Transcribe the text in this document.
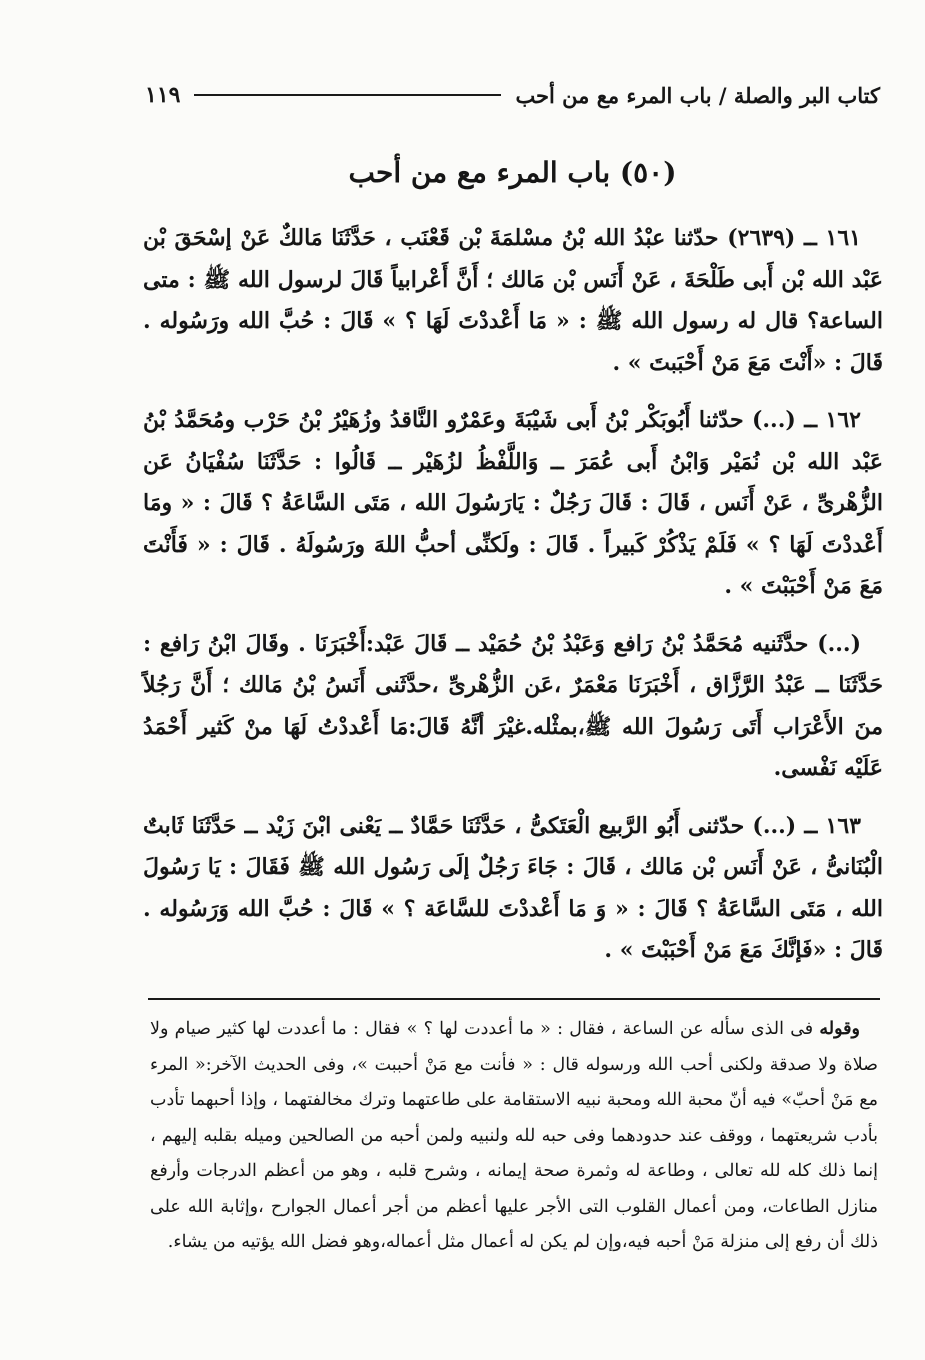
كتاب البر والصلة / باب المرء مع من أحب
١١٩
(٥٠) باب المرء مع من أحب

١٦١ ــ (٢٦٣٩) حدّثنا عبْدُ الله بْنُ مسْلمَةَ بْن قَعْنَب ، حَدَّثَنَا مَالكٌ عَنْ إسْحَقَ بْن عَبْد الله بْن أَبى طَلْحَةَ ، عَنْ أَنَس بْن مَالك ؛ أَنَّ أَعْرابياً قَالَ لرسول الله ﷺ : متى الساعة؟ قال له رسول الله ﷺ : « مَا أَعْددْتَ لَهَا ؟ » قَالَ : حُبَّ الله ورَسُوله . قَالَ : «أَنْتَ مَعَ مَنْ أَحْبَبتَ » .

١٦٢ ــ (...) حدّثنا أَبُوبَكْر بْنُ أَبى شَيْبَةَ وعَمْرٌو النَّاقدُ وزُهَيْرُ بْنُ حَرْب ومُحَمَّدُ بْنُ عَبْد الله بْن نُمَيْر وَابْنُ أَبى عُمَرَ ــ وَاللَّفْظُ لزُهَيْر ــ قَالُوا : حَدَّثَنَا سُفْيَانُ عَن الزُّهْرىِّ ، عَنْ أَنَس ، قَالَ : قَالَ رَجُلٌ : يَارَسُولَ الله ، مَتَى السَّاعَةُ ؟ قَالَ : « ومَا أَعْددْتَ لَهَا ؟ » فَلَمْ يَذْكُرْ كَبيراً . قَالَ : ولَكنِّى أحبُّ اللهَ ورَسُولَهُ . قَالَ : « فَأَنْتَ مَعَ مَنْ أَحْبَبْتَ » .

(...) حدَّثَنيه مُحَمَّدُ بْنُ رَافع وَعَبْدُ بْنُ حُمَيْد ــ قَالَ عَبْد:أَخْبَرَنَا . وقَالَ ابْنُ رَافع : حَدَّثَنَا ــ عَبْدُ الرَّزَّاق ، أَخْبَرَنَا مَعْمَرٌ ،عَن الزُّهْرىِّ ،حدَّثَنى أَنَسُ بْنُ مَالك ؛ أَنَّ رَجُلاً منَ الأَعْرَاب أَتَى رَسُولَ الله ﷺ،بمثْله.غيْرَ أنَّهُ قَالَ:مَا أَعْددْتُ لَهَا منْ كَثير أَحْمَدُ عَلَيْه نَفْسى.

١٦٣ ــ (...) حدّثنى أَبُو الرَّبيع الْعَتَكىُّ ، حَدَّثَنَا حَمَّادٌ ــ يَعْنى ابْنَ زَيْد ــ حَدَّثَنَا ثَابتٌ الْبُنَانىُّ ، عَنْ أَنَس بْن مَالك ، قَالَ : جَاءَ رَجُلٌ إلَى رَسُول الله ﷺ فَقَالَ : يَا رَسُولَ الله ، مَتَى السَّاعَةُ ؟ قَالَ : « وَ مَا أَعْددْتَ للسَّاعَة ؟ » قَالَ : حُبَّ الله وَرَسُوله . قَالَ : «فَإنَّكَ مَعَ مَنْ أَحْبَبْتَ » .

وقوله فى الذى سأله عن الساعة ، فقال : « ما أعددت لها ؟ » فقال : ما أعددت لها كثير صيام ولا صلاة ولا صدقة ولكنى أحب الله ورسوله قال : « فأنت مع مَنْ أحببت »، وفى الحديث الآخر:« المرء مع مَنْ أحبّ» فيه أنّ محبة الله ومحبة نبيه الاستقامة على طاعتهما وترك مخالفتهما ، وإذا أحبهما تأدب بأدب شريعتهما ، ووقف عند حدودهما وفى حبه لله ولنبيه ولمن أحبه من الصالحين وميله بقلبه إليهم ، إنما ذلك كله لله تعالى ، وطاعة له وثمرة صحة إيمانه ، وشرح قلبه ، وهو من أعظم الدرجات وأرفع منازل الطاعات، ومن أعمال القلوب التى الأجر عليها أعظم من أجر أعمال الجوارح ،وإثابة الله على ذلك أن رفع إلى منزلة مَنْ أحبه فيه،وإن لم يكن له أعمال مثل أعماله،وهو فضل الله يؤتيه من يشاء.
